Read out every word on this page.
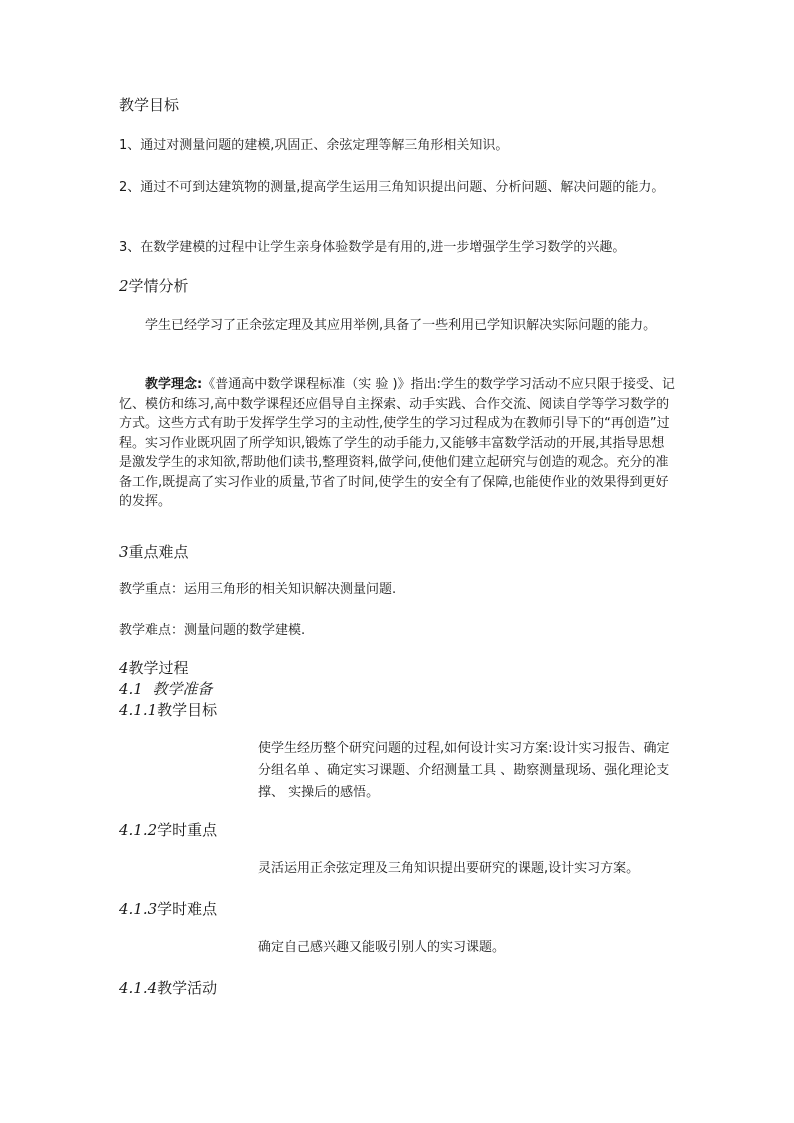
教学目标

1、通过对测量问题的建模,巩固正、余弦定理等解三角形相关知识。

2、通过不可到达建筑物的测量,提高学生运用三角知识提出问题、分析问题、解决问题的能力。

3、在数学建模的过程中让学生亲身体验数学是有用的,进一步增强学生学习数学的兴趣。

2学情分析

学生已经学习了正余弦定理及其应用举例,具备了一些利用已学知识解决实际问题的能力。

教学理念:《普通高中数学课程标准（实 验 )》指出:学生的数学学习活动不应只限于接受、记忆、模仿和练习,高中数学课程还应倡导自主探索、动手实践、合作交流、阅读自学等学习数学的方式。这些方式有助于发挥学生学习的主动性,使学生的学习过程成为在教师引导下的“再创造”过程。实习作业既巩固了所学知识,锻炼了学生的动手能力,又能够丰富数学活动的开展,其指导思想是激发学生的求知欲,帮助他们读书,整理资料,做学问,使他们建立起研究与创造的观念。充分的准备工作,既提高了实习作业的质量,节省了时间,使学生的安全有了保障,也能使作业的效果得到更好的发挥。

3重点难点

教学重点：运用三角形的相关知识解决测量问题.

教学难点：测量问题的数学建模.

4教学过程
4.1 教学准备
4.1.1教学目标

使学生经历整个研究问题的过程,如何设计实习方案:设计实习报告、确定分组名单 、确定实习课题、介绍测量工具 、勘察测量现场、强化理论支撑、 实操后的感悟。

4.1.2学时重点

灵活运用正余弦定理及三角知识提出要研究的课题,设计实习方案。

4.1.3学时难点

确定自己感兴趣又能吸引别人的实习课题。

4.1.4教学活动
